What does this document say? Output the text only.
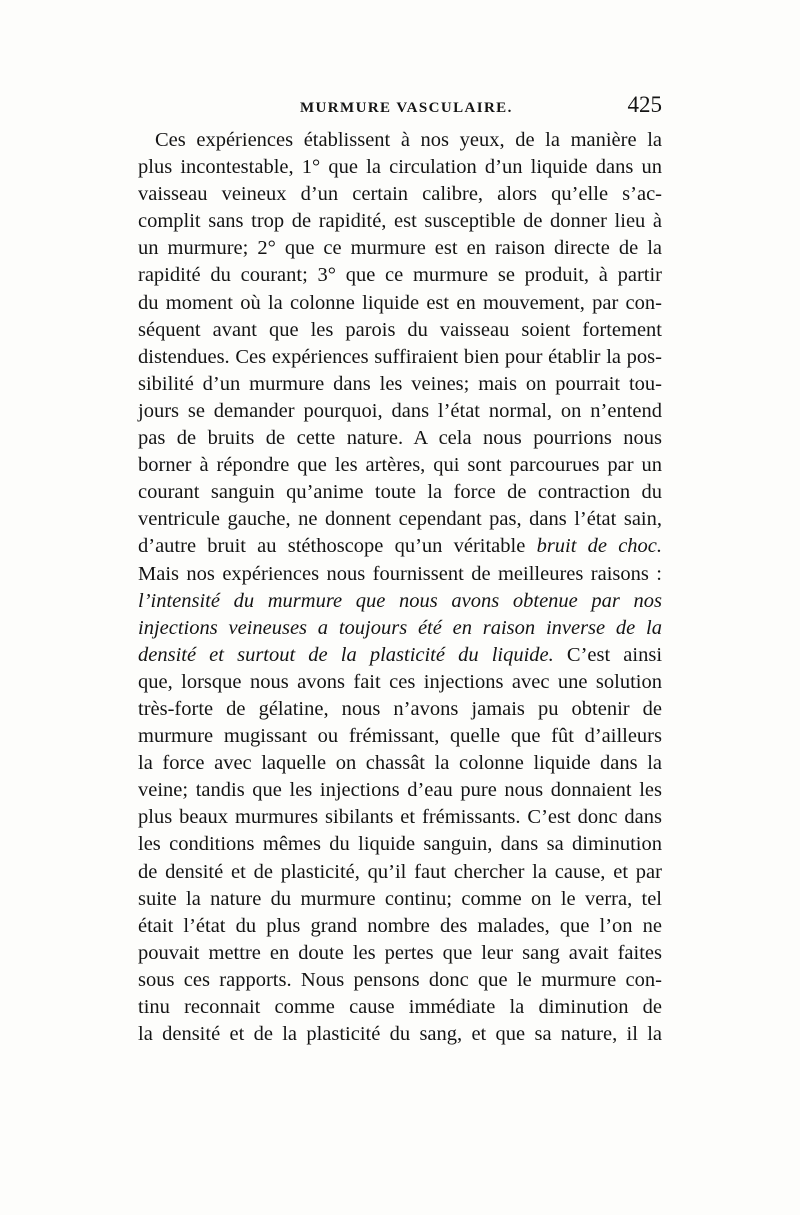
MURMURE VASCULAIRE.	425
Ces expériences établissent à nos yeux, de la manière la
plus incontestable, 1° que la circulation d’un liquide dans un
vaisseau veineux d’un certain calibre, alors qu’elle s’ac-
complit sans trop de rapidité, est susceptible de donner lieu à
un murmure; 2° que ce murmure est en raison directe de la
rapidité du courant; 3° que ce murmure se produit, à partir
du moment où la colonne liquide est en mouvement, par con-
séquent avant que les parois du vaisseau soient fortement
distendues. Ces expériences suffiraient bien pour établir la pos-
sibilité d’un murmure dans les veines; mais on pourrait tou-
jours se demander pourquoi, dans l’état normal, on n’entend
pas de bruits de cette nature. A cela nous pourrions nous
borner à répondre que les artères, qui sont parcourues par un
courant sanguin qu’anime toute la force de contraction du
ventricule gauche, ne donnent cependant pas, dans l’état sain,
d’autre bruit au stéthoscope qu’un véritable bruit de choc.
Mais nos expériences nous fournissent de meilleures raisons :
l’intensité du murmure que nous avons obtenue par nos
injections veineuses a toujours été en raison inverse de la
densité et surtout de la plasticité du liquide. C’est ainsi
que, lorsque nous avons fait ces injections avec une solution
très-forte de gélatine, nous n’avons jamais pu obtenir de
murmure mugissant ou frémissant, quelle que fût d’ailleurs
la force avec laquelle on chassât la colonne liquide dans la
veine; tandis que les injections d’eau pure nous donnaient les
plus beaux murmures sibilants et frémissants. C’est donc dans
les conditions mêmes du liquide sanguin, dans sa diminution
de densité et de plasticité, qu’il faut chercher la cause, et par
suite la nature du murmure continu; comme on le verra, tel
était l’état du plus grand nombre des malades, que l’on ne
pouvait mettre en doute les pertes que leur sang avait faites
sous ces rapports. Nous pensons donc que le murmure con-
tinu reconnait comme cause immédiate la diminution de
la densité et de la plasticité du sang, et que sa nature, il la
